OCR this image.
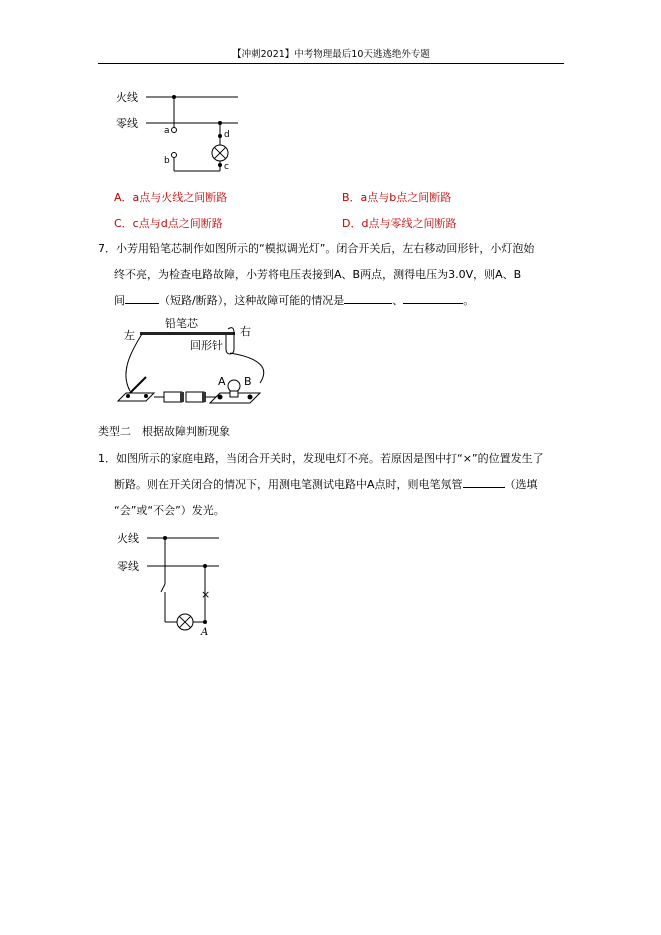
【冲刺2021】中考物理最后10天逃逃绝外专题
火线
零线
a
b
d
c
A．a点与火线之间断路	B．a点与b点之间断路
C．c点与d点之间断路	D．d点与零线之间断路
7．小芳用铅笔芯制作如图所示的“模拟调光灯”。闭合开关后，左右移动回形针，小灯泡始
终不亮，为检查电路故障，小芳将电压表接到A、B两点，测得电压为3.0V，则A、B
间	（短路/断路），这种故障可能的情况是	、	。
左
铅笔芯
右
回形针
A B
类型二　根据故障判断现象
1．如图所示的家庭电路，当闭合开关时，发现电灯不亮。若原因是图中打“×”的位置发生了
断路。则在开关闭合的情况下，用测电笔测试电路中A点时，则电笔氖管	（选填
“会”或“不会”）发光。
火线
零线
×
A
